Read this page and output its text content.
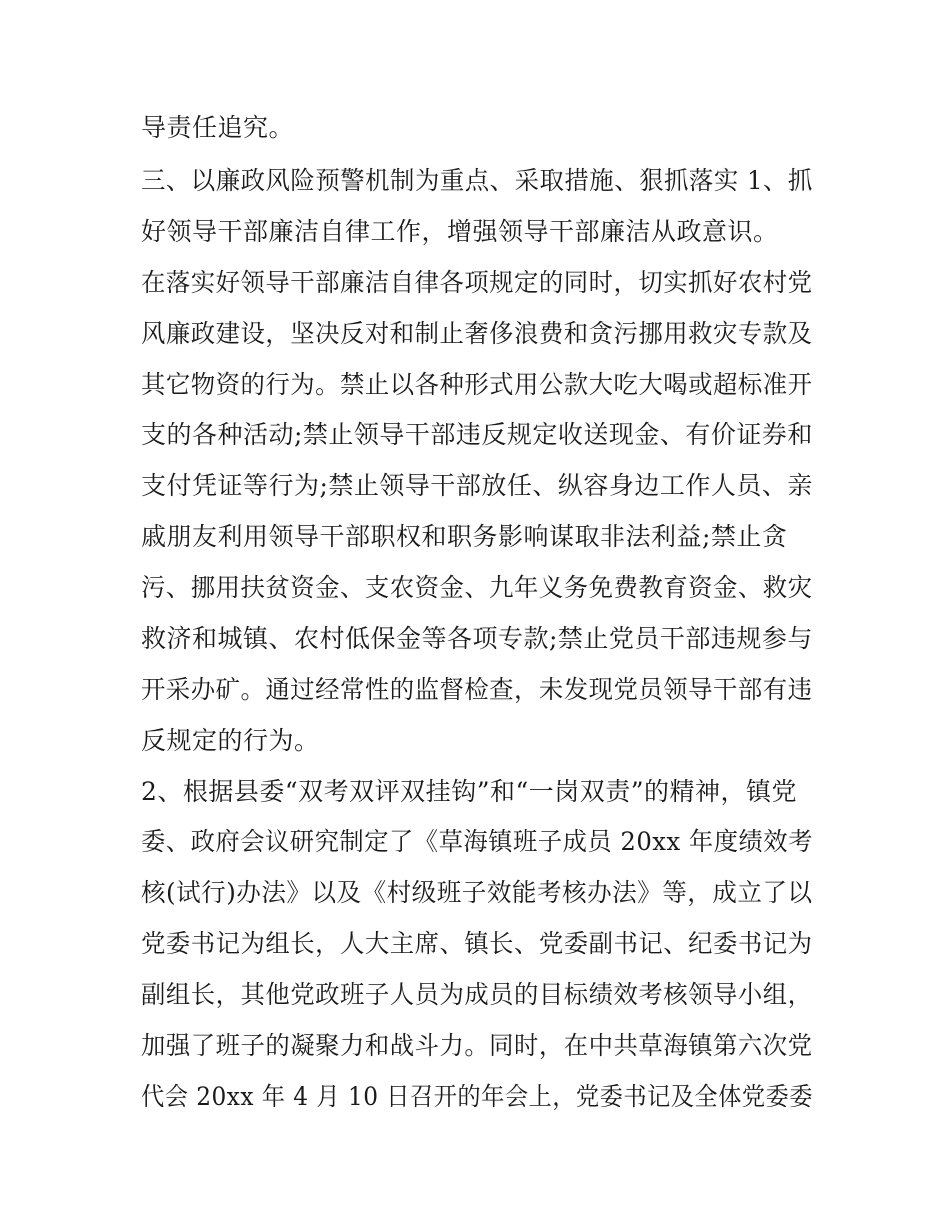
导责任追究。
三、以廉政风险预警机制为重点、采取措施、狠抓落实 1、抓
好领导干部廉洁自律工作，增强领导干部廉洁从政意识。
在落实好领导干部廉洁自律各项规定的同时，切实抓好农村党
风廉政建设，坚决反对和制止奢侈浪费和贪污挪用救灾专款及
其它物资的行为。禁止以各种形式用公款大吃大喝或超标准开
支的各种活动;禁止领导干部违反规定收送现金、有价证券和
支付凭证等行为;禁止领导干部放任、纵容身边工作人员、亲
戚朋友利用领导干部职权和职务影响谋取非法利益;禁止贪
污、挪用扶贫资金、支农资金、九年义务免费教育资金、救灾
救济和城镇、农村低保金等各项专款;禁止党员干部违规参与
开采办矿。通过经常性的监督检查，未发现党员领导干部有违
反规定的行为。
2、根据县委“双考双评双挂钩”和“一岗双责”的精神，镇党
委、政府会议研究制定了《草海镇班子成员 20xx 年度绩效考
核(试行)办法》以及《村级班子效能考核办法》等，成立了以
党委书记为组长，人大主席、镇长、党委副书记、纪委书记为
副组长，其他党政班子人员为成员的目标绩效考核领导小组，
加强了班子的凝聚力和战斗力。同时，在中共草海镇第六次党
代会 20xx 年 4 月 10 日召开的年会上，党委书记及全体党委委
